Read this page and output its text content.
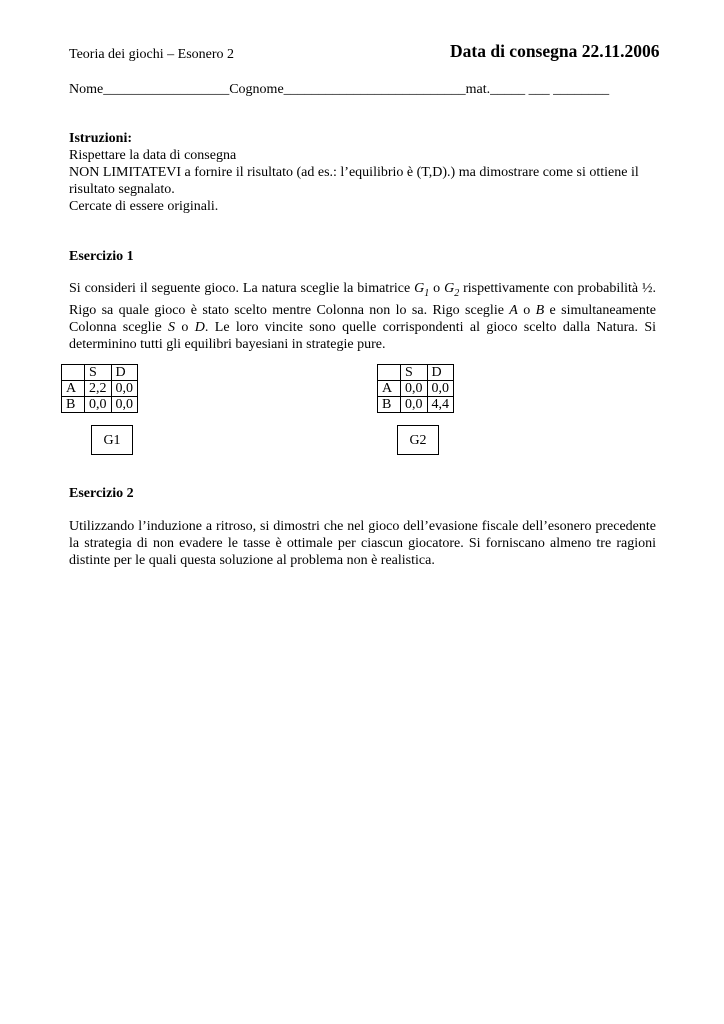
Teoria dei giochi – Esonero 2	Data di consegna 22.11.2006
Nome__________________Cognome__________________________mat._____ ___ ________

Istruzioni:

Rispettare la data di consegna

NON LIMITATEVI a fornire il risultato (ad es.: l’equilibrio è (T,D).) ma dimostrare come si ottiene il risultato segnalato.

Cercate di essere originali.

Esercizio 1
Si consideri il seguente gioco. La natura sceglie la bimatrice $G_1$ o $G_2$ rispettivamente con probabilità ½. Rigo sa quale gioco è stato scelto mentre Colonna non lo sa. Rigo sceglie A o B e simultaneamente Colonna sceglie S o D. Le loro vincite sono quelle corrispondenti al gioco scelto dalla Natura. Si determinino tutti gli equilibri bayesiani in strategie pure.
	S	D
A	2,2	0,0
B	0,0	0,0
G1
	S	D
A	0,0	0,0
B	0,0	4,4
G2
Esercizio 2
Utilizzando l’induzione a ritroso, si dimostri che nel gioco dell’evasione fiscale dell’esonero precedente la strategia di non evadere le tasse è ottimale per ciascun giocatore. Si forniscano almeno tre ragioni distinte per le quali questa soluzione al problema non è realistica.
